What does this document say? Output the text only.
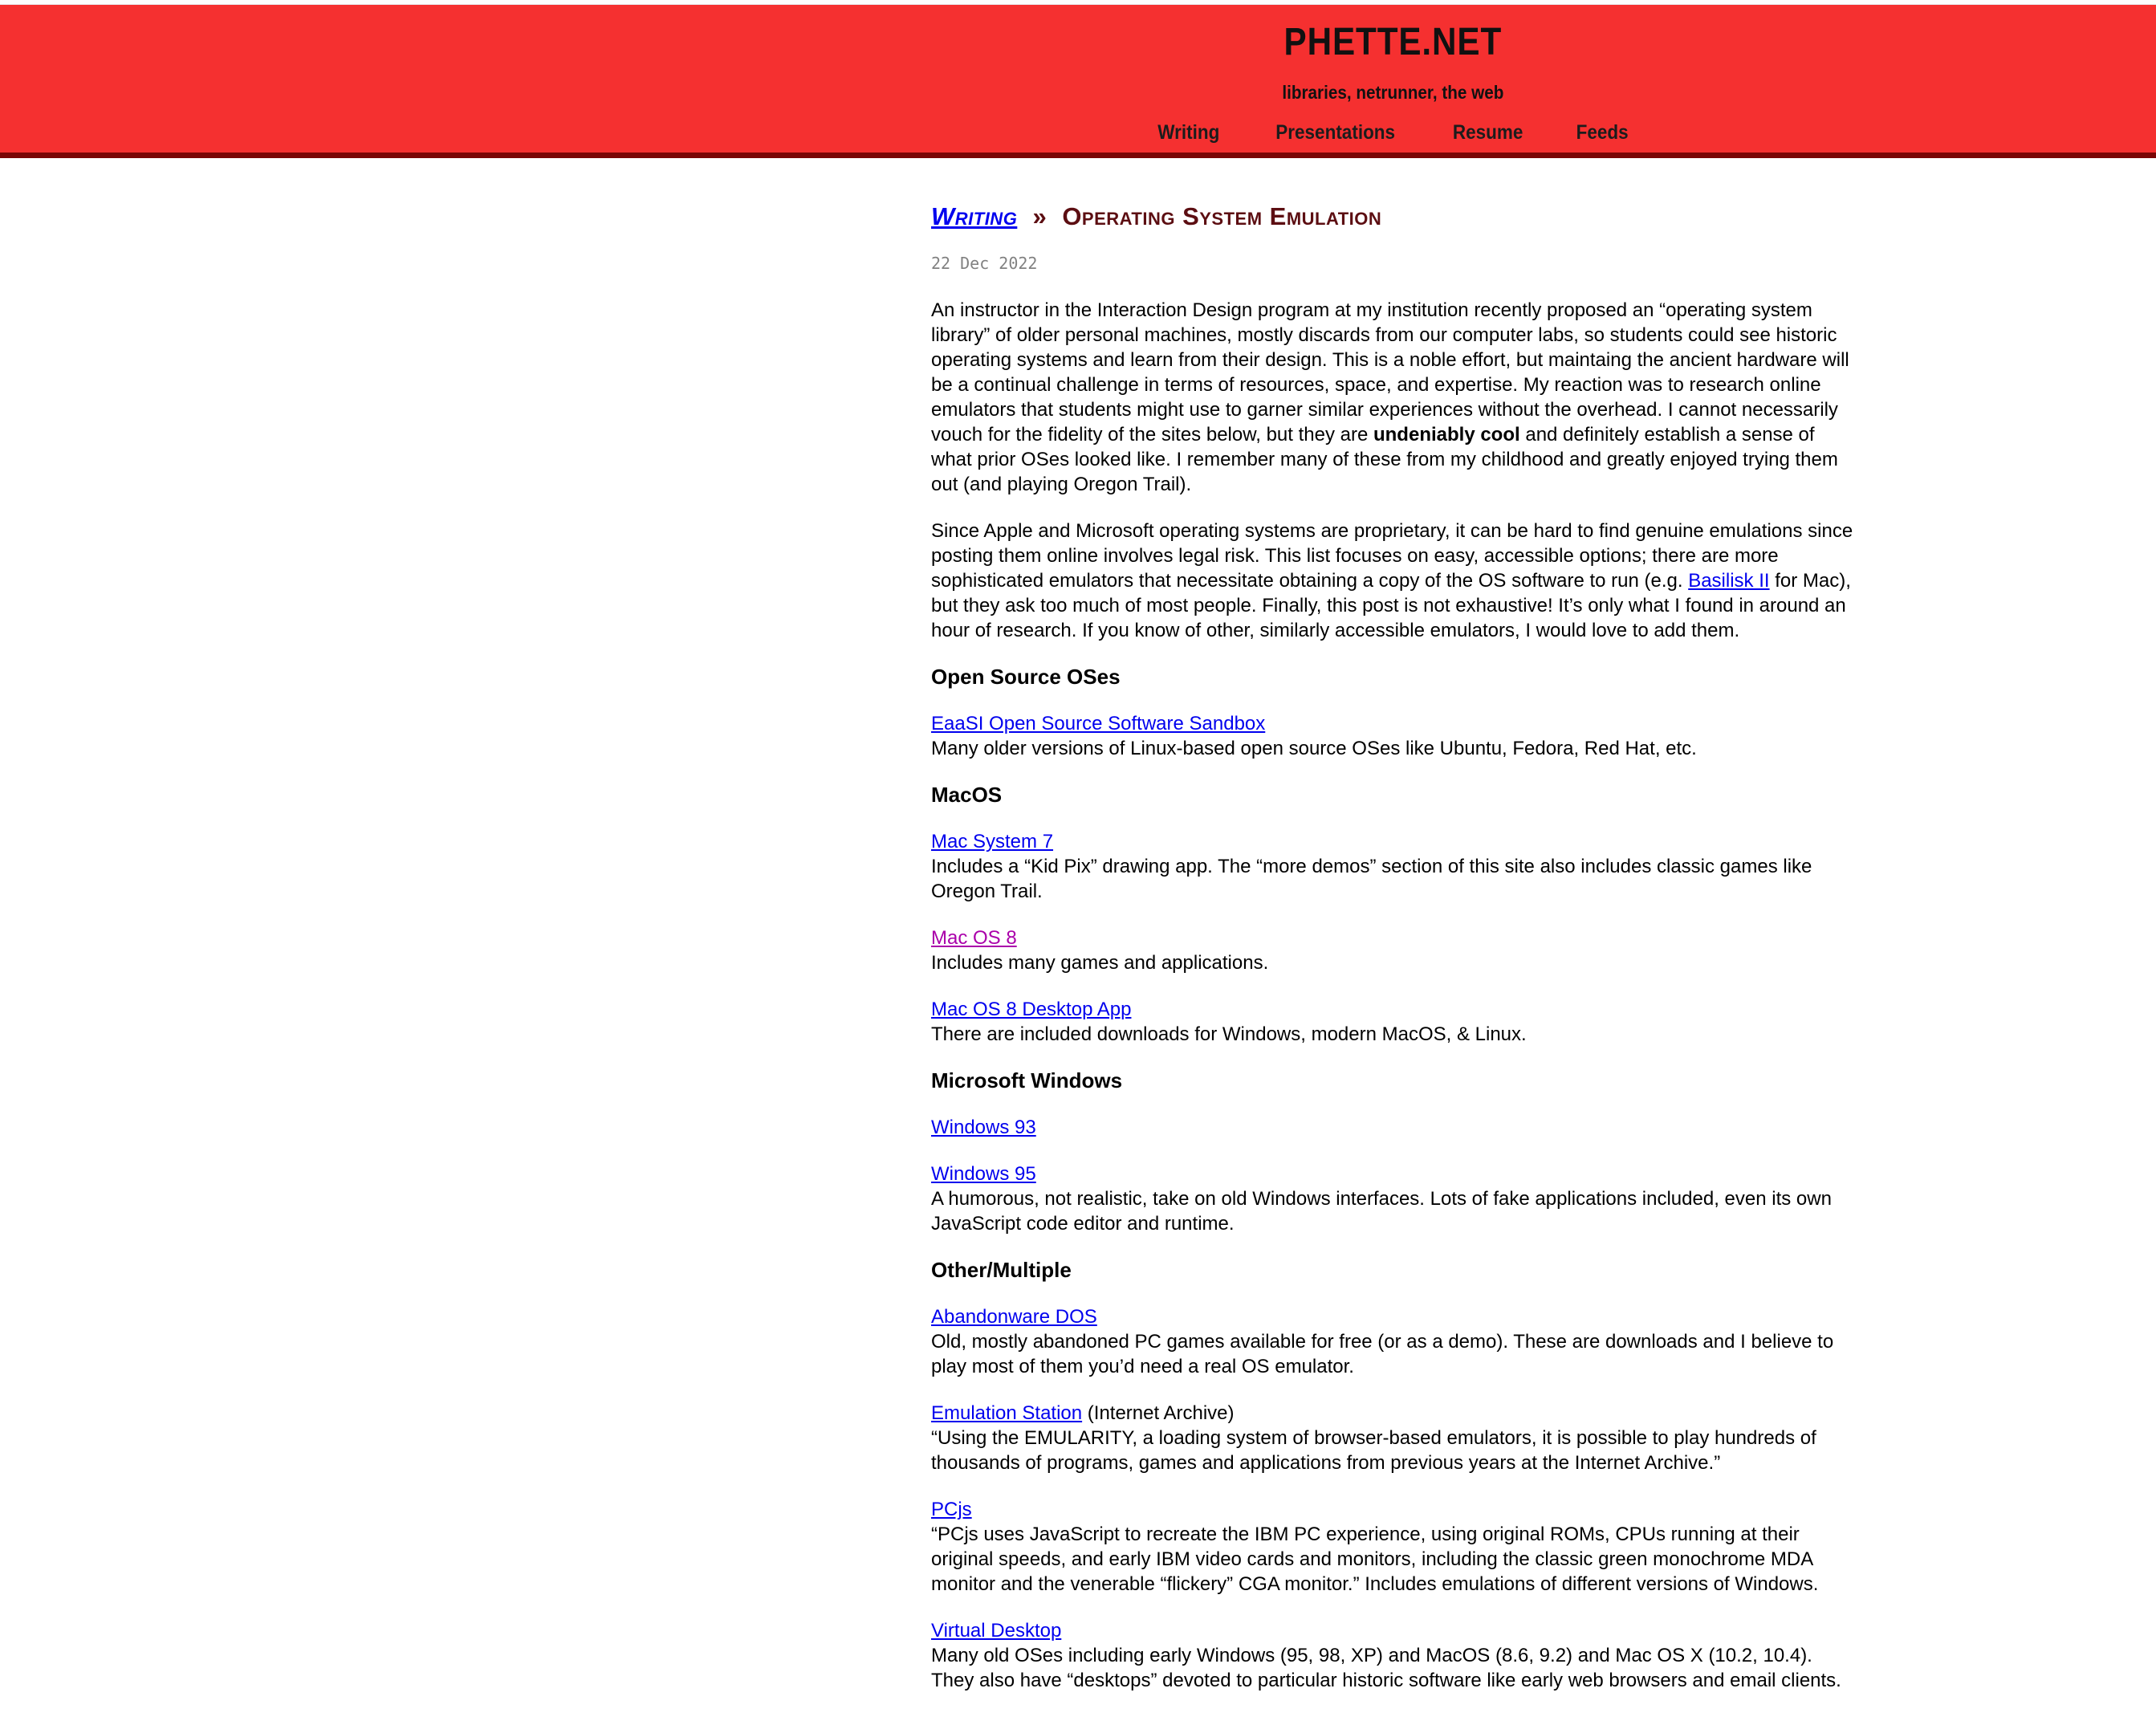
PHETTE.NET
libraries, netrunner, the web
Writing	Presentations	Resume	Feeds
Writing » Operating System Emulation
22 Dec 2022

An instructor in the Interaction Design program at my institution recently proposed an “operating system library” of older personal machines, mostly discards from our computer labs, so students could see historic operating systems and learn from their design. This is a noble effort, but maintaing the ancient hardware will be a continual challenge in terms of resources, space, and expertise. My reaction was to research online emulators that students might use to garner similar experiences without the overhead. I cannot necessarily vouch for the fidelity of the sites below, but they are undeniably cool and definitely establish a sense of what prior OSes looked like. I remember many of these from my childhood and greatly enjoyed trying them out (and playing Oregon Trail).

Since Apple and Microsoft operating systems are proprietary, it can be hard to find genuine emulations since posting them online involves legal risk. This list focuses on easy, accessible options; there are more sophisticated emulators that necessitate obtaining a copy of the OS software to run (e.g. Basilisk II for Mac), but they ask too much of most people. Finally, this post is not exhaustive! It’s only what I found in around an hour of research. If you know of other, similarly accessible emulators, I would love to add them.

Open Source OSes

EaaSI Open Source Software Sandbox
Many older versions of Linux-based open source OSes like Ubuntu, Fedora, Red Hat, etc.

MacOS

Mac System 7
Includes a “Kid Pix” drawing app. The “more demos” section of this site also includes classic games like Oregon Trail.

Mac OS 8
Includes many games and applications.

Mac OS 8 Desktop App
There are included downloads for Windows, modern MacOS, & Linux.

Microsoft Windows

Windows 93

Windows 95
A humorous, not realistic, take on old Windows interfaces. Lots of fake applications included, even its own JavaScript code editor and runtime.

Other/Multiple

Abandonware DOS
Old, mostly abandoned PC games available for free (or as a demo). These are downloads and I believe to play most of them you’d need a real OS emulator.

Emulation Station (Internet Archive)
“Using the EMULARITY, a loading system of browser-based emulators, it is possible to play hundreds of thousands of programs, games and applications from previous years at the Internet Archive.”

PCjs
“PCjs uses JavaScript to recreate the IBM PC experience, using original ROMs, CPUs running at their original speeds, and early IBM video cards and monitors, including the classic green monochrome MDA monitor and the venerable “flickery” CGA monitor.” Includes emulations of different versions of Windows.

Virtual Desktop
Many old OSes including early Windows (95, 98, XP) and MacOS (8.6, 9.2) and Mac OS X (10.2, 10.4). They also have “desktops” devoted to particular historic software like early web browsers and email clients.
